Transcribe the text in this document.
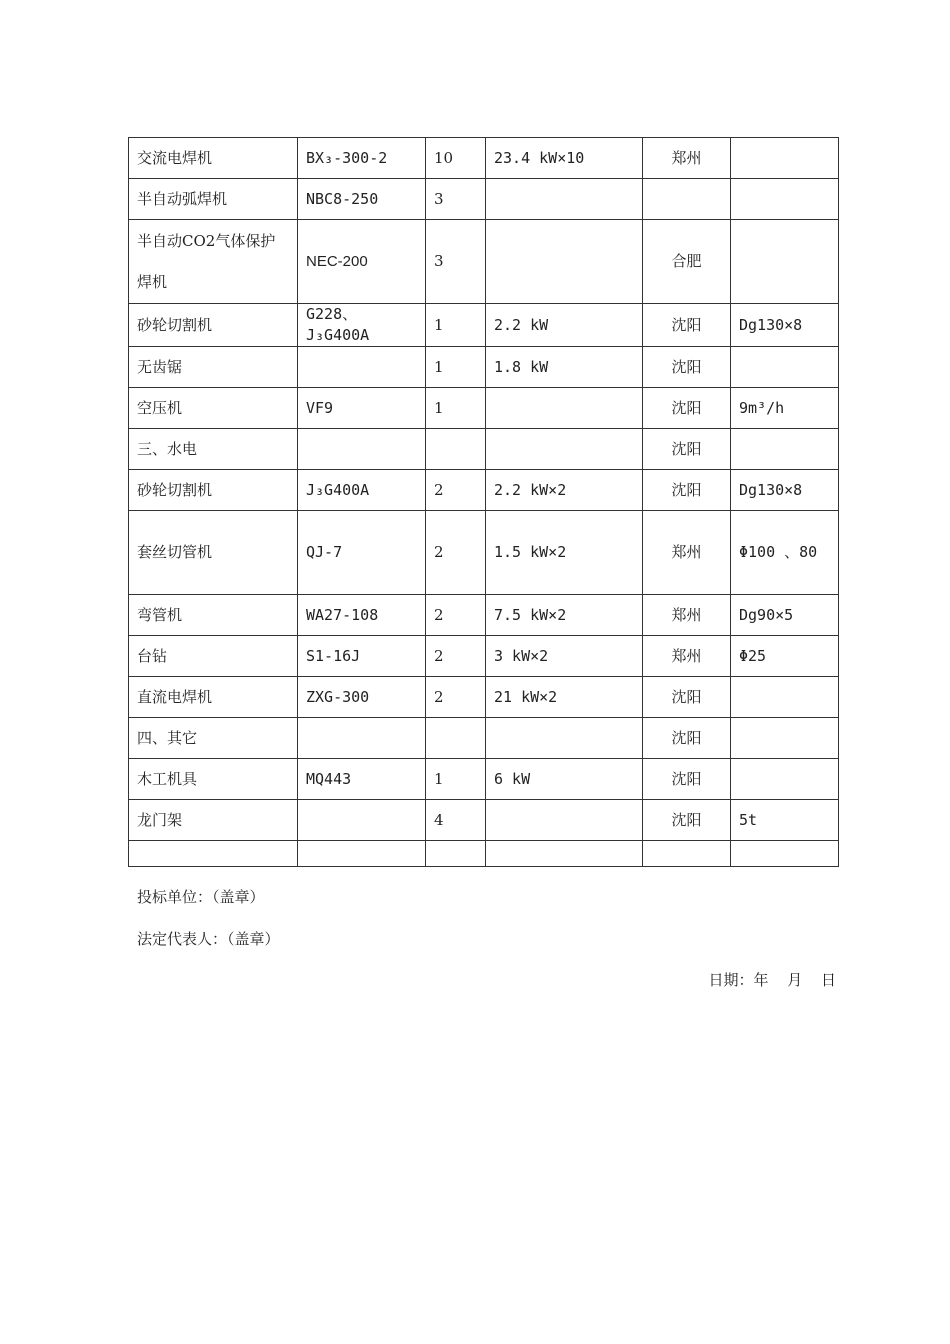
交流电焊机	BX₃-300-2	10	23.4 kW×10	郑州	
半自动弧焊机	NBC8-250	3			
半自动CO2气体保护焊机	NEC-200	3		合肥	
砂轮切割机	G228、J₃G400A	1	2.2 kW	沈阳	Dg130×8
无齿锯		1	1.8 kW	沈阳	
空压机	VF9	1		沈阳	9m³/h
三、水电				沈阳	
砂轮切割机	J₃G400A	2	2.2 kW×2	沈阳	Dg130×8
套丝切管机	QJ-7	2	1.5 kW×2	郑州	Φ100 、80
弯管机	WA27-108	2	7.5 kW×2	郑州	Dg90×5
台钻	S1-16J	2	3 kW×2	郑州	Φ25
直流电焊机	ZXG-300	2	21 kW×2	沈阳	
四、其它				沈阳	
木工机具	MQ443	1	6 kW	沈阳	
龙门架		4		沈阳	5t

投标单位：（盖章）
法定代表人：（盖章）
日期：年 月 日
